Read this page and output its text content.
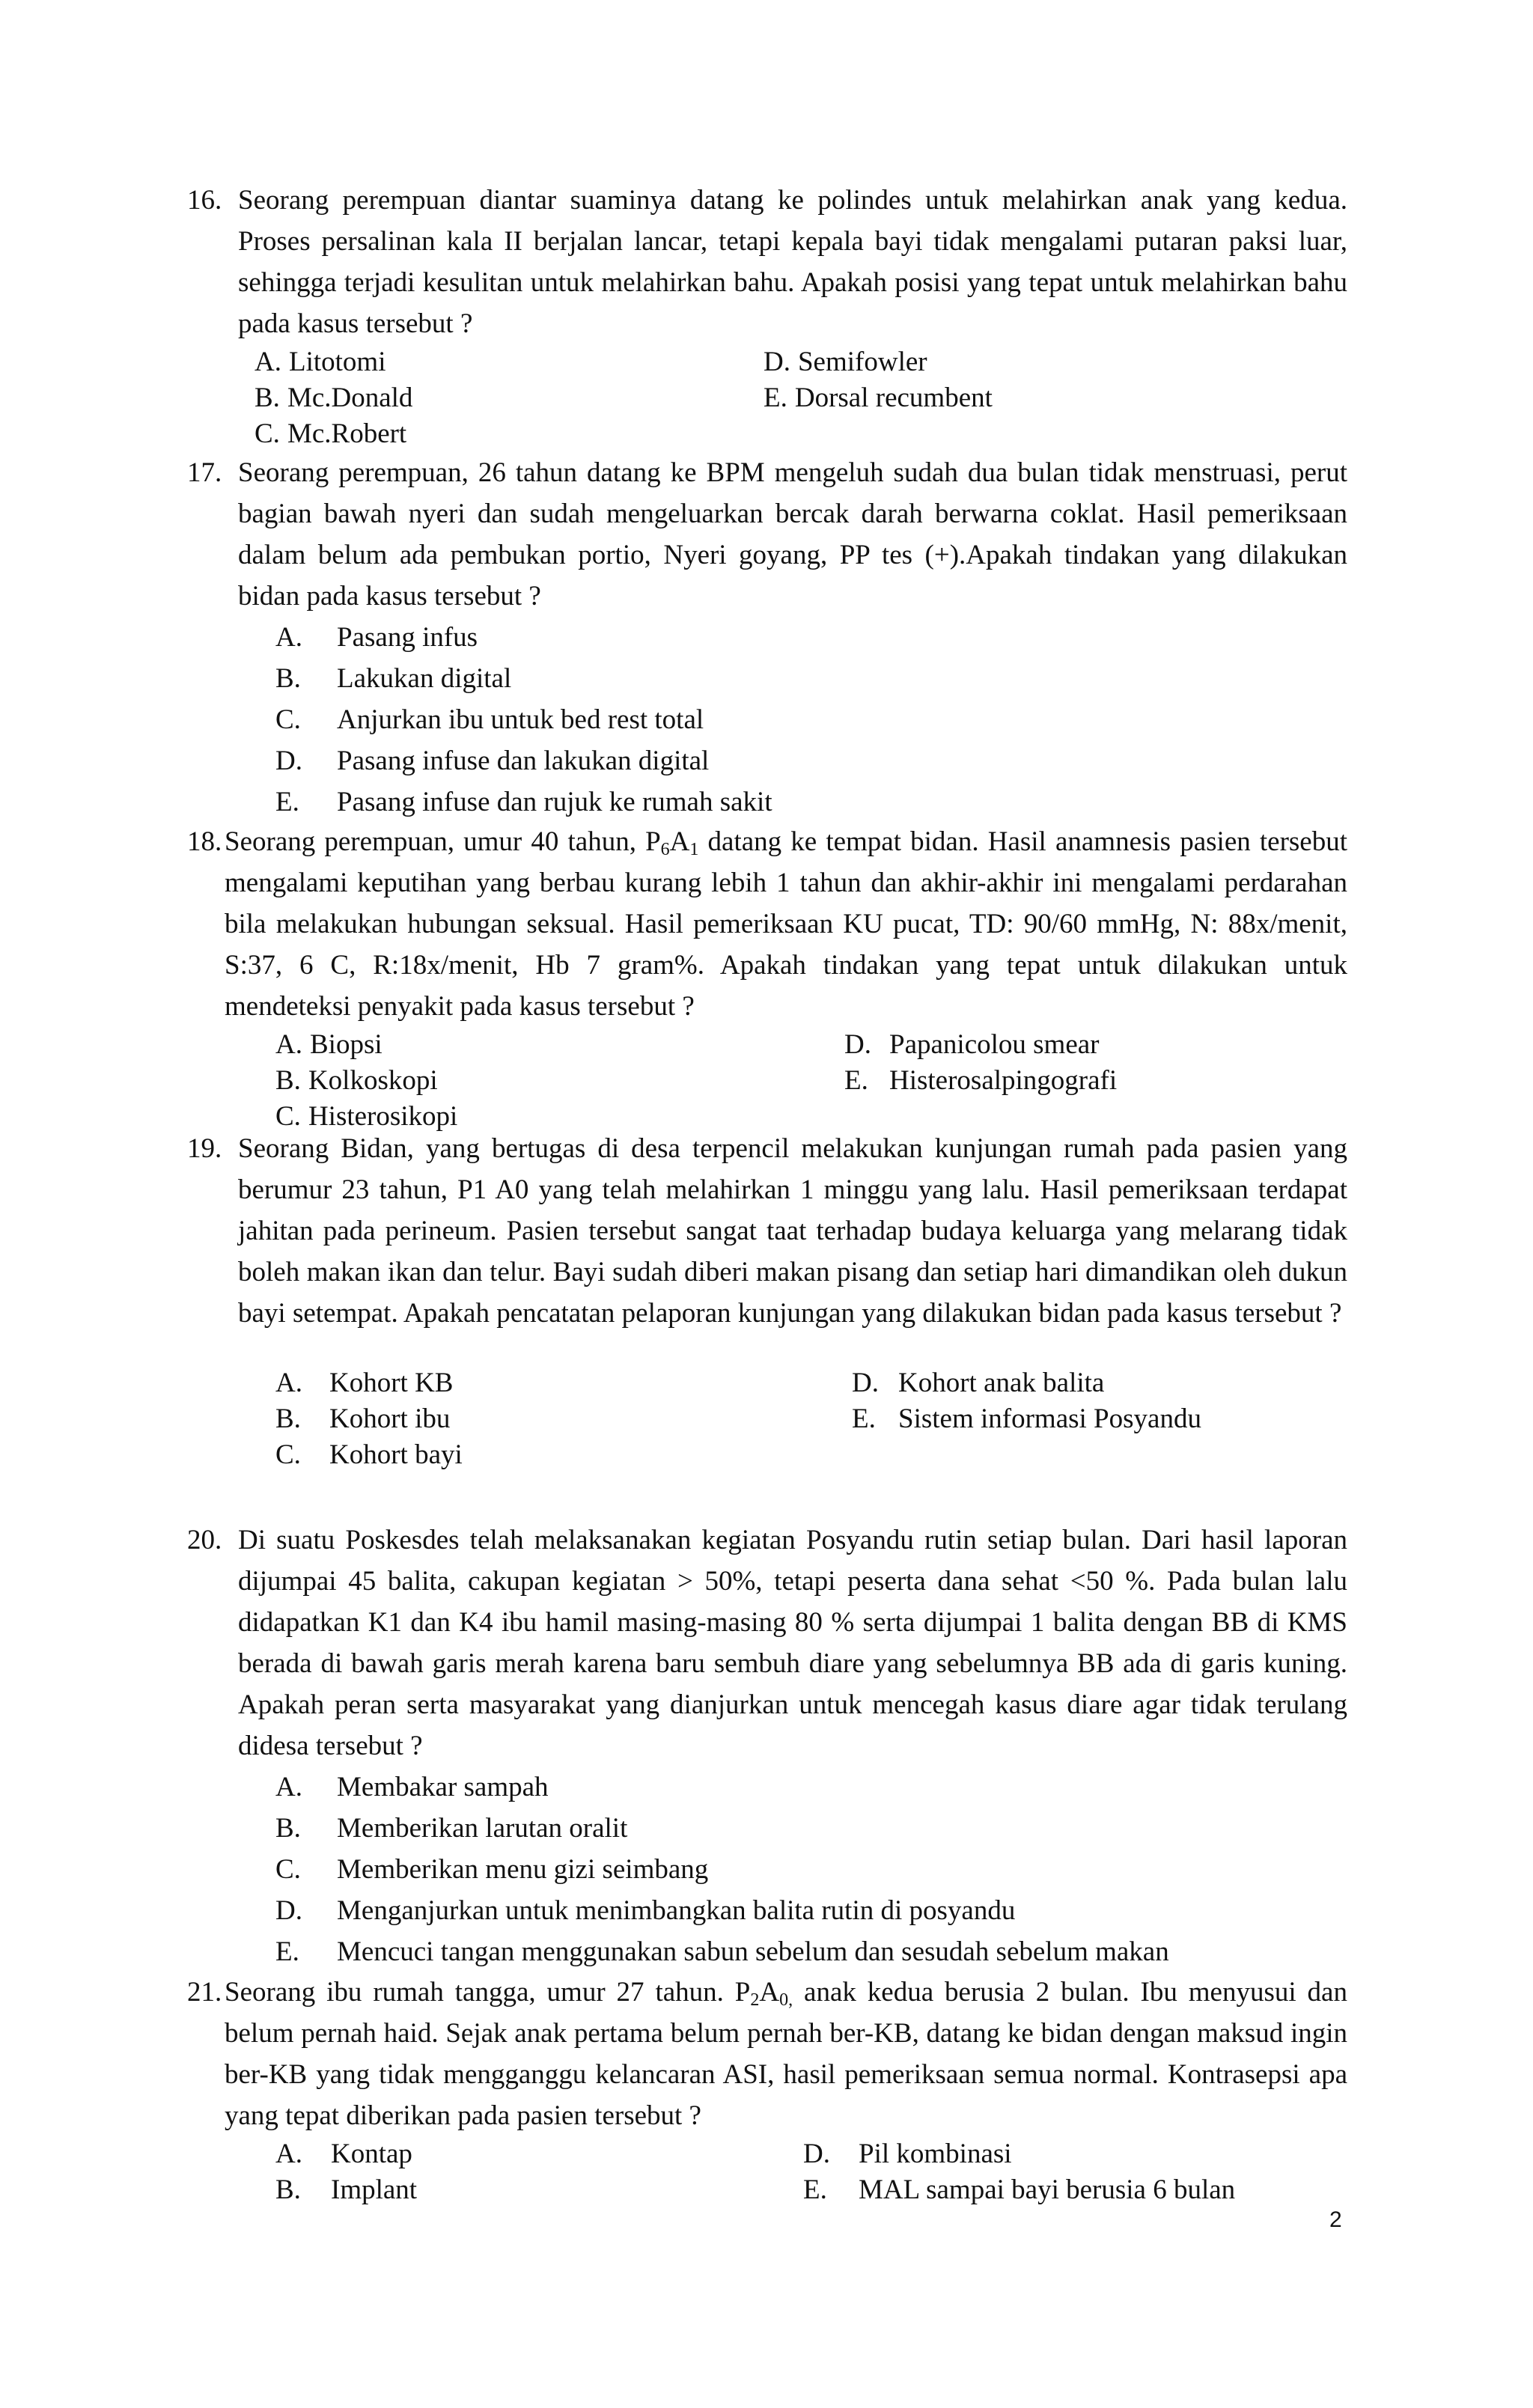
16. Seorang perempuan diantar suaminya datang ke polindes untuk melahirkan anak yang kedua. Proses persalinan kala II berjalan lancar, tetapi kepala bayi tidak mengalami putaran paksi luar, sehingga terjadi kesulitan untuk melahirkan bahu. Apakah posisi yang tepat untuk melahirkan bahu pada kasus tersebut ?
A. Litotomi	D. Semifowler
B. Mc.Donald	E. Dorsal recumbent
C. Mc.Robert
17. Seorang perempuan, 26 tahun datang ke BPM mengeluh sudah dua bulan tidak menstruasi, perut bagian bawah nyeri dan sudah mengeluarkan bercak darah berwarna coklat. Hasil pemeriksaan dalam belum ada pembukan portio, Nyeri goyang, PP tes (+).Apakah tindakan yang dilakukan bidan pada kasus tersebut ?
A. Pasang infus
B. Lakukan digital
C. Anjurkan ibu untuk bed rest total
D. Pasang infuse dan lakukan digital
E. Pasang infuse dan rujuk ke rumah sakit
18. Seorang perempuan, umur 40 tahun, $P_6A_1$ datang ke tempat bidan. Hasil anamnesis pasien tersebut mengalami keputihan yang berbau kurang lebih 1 tahun dan akhir-akhir ini mengalami perdarahan bila melakukan hubungan seksual. Hasil pemeriksaan KU pucat, TD: 90/60 mmHg, N: 88x/menit, S:37, 6 C, R:18x/menit, Hb 7 gram%. Apakah tindakan yang tepat untuk dilakukan untuk mendeteksi penyakit pada kasus tersebut ?
A. Biopsi	D. Papanicolou smear
B. Kolkoskopi	E. Histerosalpingografi
C. Histerosikopi
19. Seorang Bidan, yang bertugas di desa terpencil melakukan kunjungan rumah pada pasien yang berumur 23 tahun, P1 A0 yang telah melahirkan 1 minggu yang lalu. Hasil pemeriksaan terdapat jahitan pada perineum. Pasien tersebut sangat taat terhadap budaya keluarga yang melarang tidak boleh makan ikan dan telur. Bayi sudah diberi makan pisang dan setiap hari dimandikan oleh dukun bayi setempat. Apakah pencatatan pelaporan kunjungan yang dilakukan bidan pada kasus tersebut ?
A. Kohort KB	D. Kohort anak balita
B. Kohort ibu	E. Sistem informasi Posyandu
C. Kohort bayi
20. Di suatu Poskesdes telah melaksanakan kegiatan Posyandu rutin setiap bulan. Dari hasil laporan dijumpai 45 balita, cakupan kegiatan > 50%, tetapi peserta dana sehat <50 %. Pada bulan lalu didapatkan K1 dan K4 ibu hamil masing-masing 80 % serta dijumpai 1 balita dengan BB di KMS berada di bawah garis merah karena baru sembuh diare yang sebelumnya BB ada di garis kuning. Apakah peran serta masyarakat yang dianjurkan untuk mencegah kasus diare agar tidak terulang didesa tersebut ?
A. Membakar sampah
B. Memberikan larutan oralit
C. Memberikan menu gizi seimbang
D. Menganjurkan untuk menimbangkan balita rutin di posyandu
E. Mencuci tangan menggunakan sabun sebelum dan sesudah sebelum makan
21. Seorang ibu rumah tangga, umur 27 tahun. $P_2A_{0,}$ anak kedua berusia 2 bulan. Ibu menyusui dan belum pernah haid. Sejak anak pertama belum pernah ber-KB, datang ke bidan dengan maksud ingin ber-KB yang tidak mengganggu kelancaran ASI, hasil pemeriksaan semua normal. Kontrasepsi apa yang tepat diberikan pada pasien tersebut ?
A. Kontap	D. Pil kombinasi
B. Implant	E. MAL sampai bayi berusia 6 bulan
2
